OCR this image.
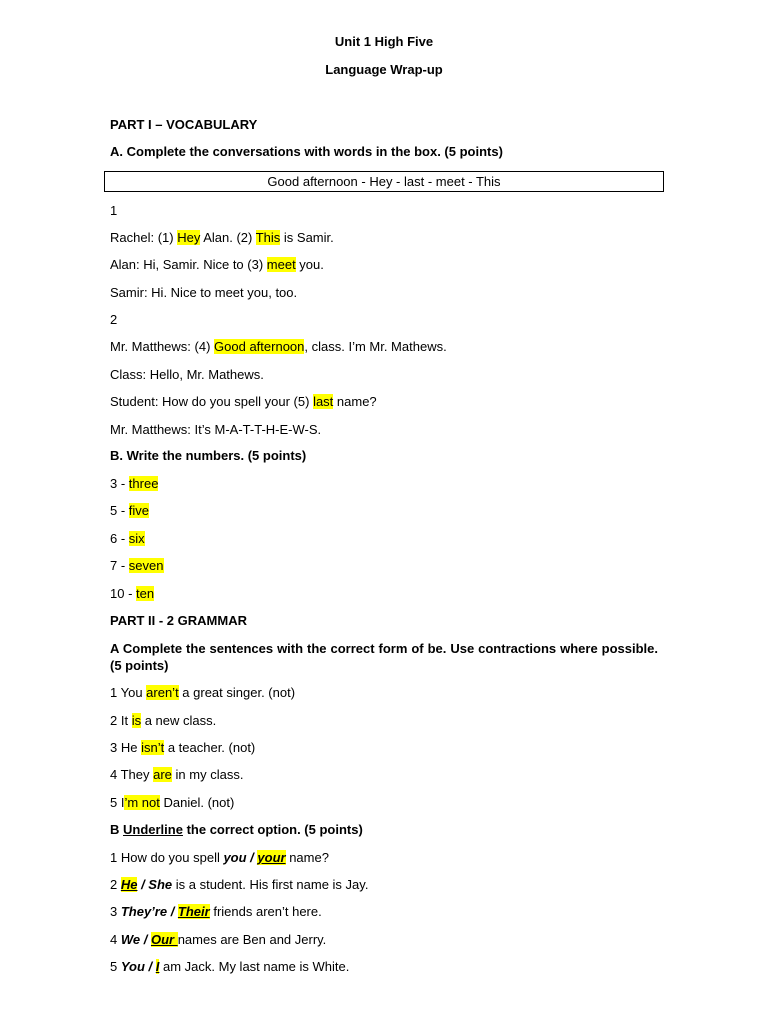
Unit 1 High Five
Language Wrap-up
PART I – VOCABULARY
A. Complete the conversations with words in the box. (5 points)
Good afternoon - Hey - last - meet - This
1
Rachel: (1) Hey Alan. (2) This is Samir.
Alan: Hi, Samir. Nice to (3) meet you.
Samir: Hi. Nice to meet you, too.
2
Mr. Matthews: (4) Good afternoon, class. I’m Mr. Mathews.
Class: Hello, Mr. Mathews.
Student: How do you spell your (5) last name?
Mr. Matthews: It’s M-A-T-T-H-E-W-S.
B. Write the numbers. (5 points)
3 - three
5 - five
6 - six
7 - seven
10 - ten
PART II - 2 GRAMMAR
A Complete the sentences with the correct form of be. Use contractions where possible. (5 points)
1 You aren’t a great singer. (not)
2 It is a new class.
3 He isn’t a teacher. (not)
4 They are in my class.
5 I’m not Daniel. (not)
B Underline the correct option. (5 points)
1 How do you spell you / your name?
2 He / She is a student. His first name is Jay.
3 They’re / Their friends aren’t here.
4 We / Our names are Ben and Jerry.
5 You / I am Jack. My last name is White.
